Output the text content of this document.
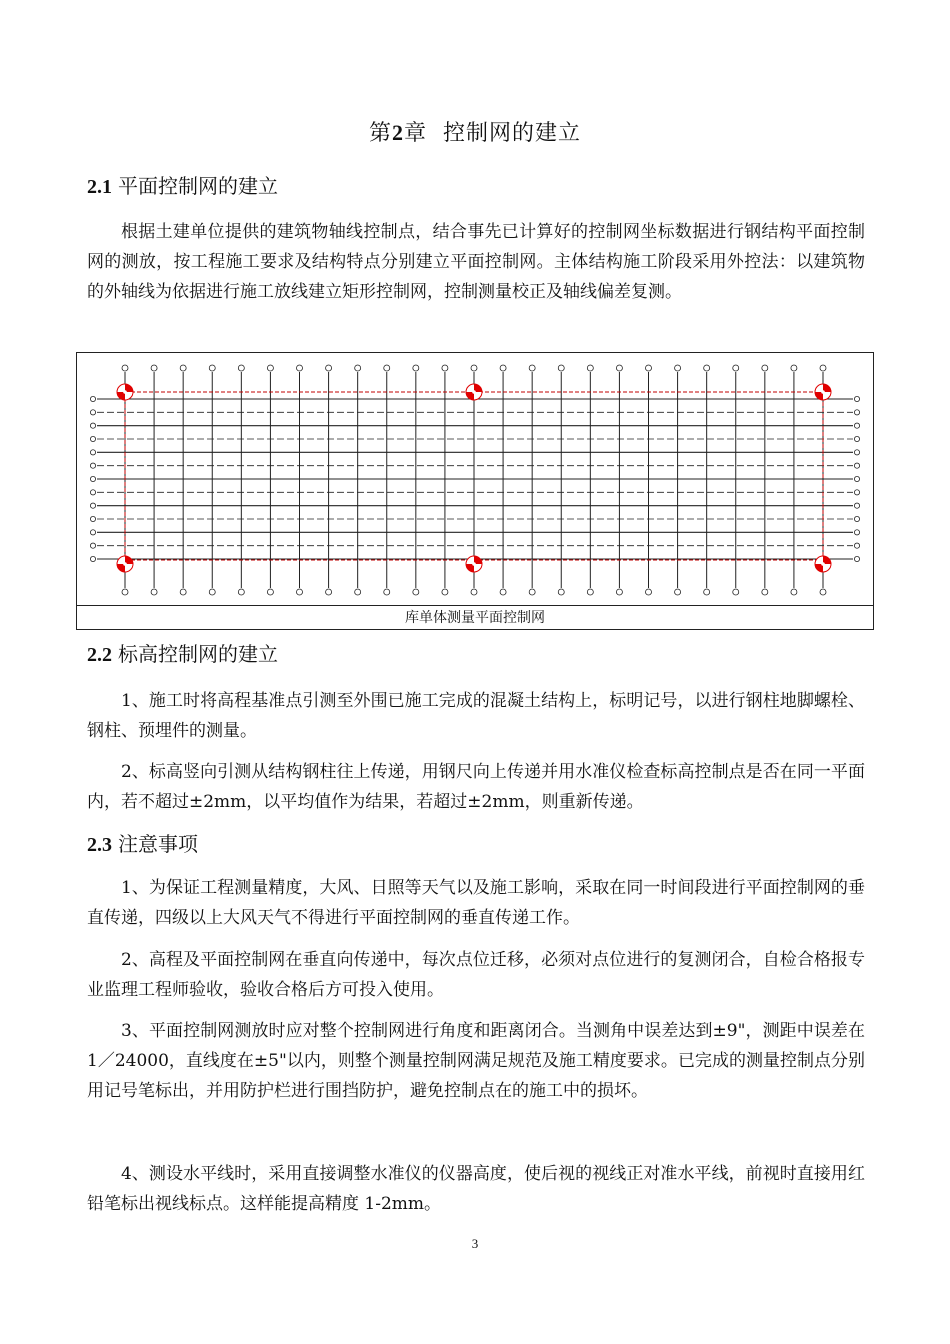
第2章 控制网的建立
2.1 平面控制网的建立
根据土建单位提供的建筑物轴线控制点，结合事先已计算好的控制网坐标数据进行钢结构平面控制网的测放，按工程施工要求及结构特点分别建立平面控制网。主体结构施工阶段采用外控法：以建筑物的外轴线为依据进行施工放线建立矩形控制网，控制测量校正及轴线偏差复测。
库单体测量平面控制网
2.2 标高控制网的建立
1、施工时将高程基准点引测至外围已施工完成的混凝土结构上，标明记号，以进行钢柱地脚螺栓、钢柱、预埋件的测量。
2、标高竖向引测从结构钢柱往上传递，用钢尺向上传递并用水准仪检查标高控制点是否在同一平面内，若不超过±2mm，以平均值作为结果，若超过±2mm，则重新传递。
2.3 注意事项
1、为保证工程测量精度，大风、日照等天气以及施工影响，采取在同一时间段进行平面控制网的垂直传递，四级以上大风天气不得进行平面控制网的垂直传递工作。
2、高程及平面控制网在垂直向传递中，每次点位迁移，必须对点位进行的复测闭合，自检合格报专业监理工程师验收，验收合格后方可投入使用。
3、平面控制网测放时应对整个控制网进行角度和距离闭合。当测角中误差达到±9"，测距中误差在 1／24000，直线度在±5"以内，则整个测量控制网满足规范及施工精度要求。已完成的测量控制点分别用记号笔标出，并用防护栏进行围挡防护，避免控制点在的施工中的损坏。
4、测设水平线时，采用直接调整水准仪的仪器高度，使后视的视线正对准水平线，前视时直接用红铅笔标出视线标点。这样能提高精度 1-2mm。
3
